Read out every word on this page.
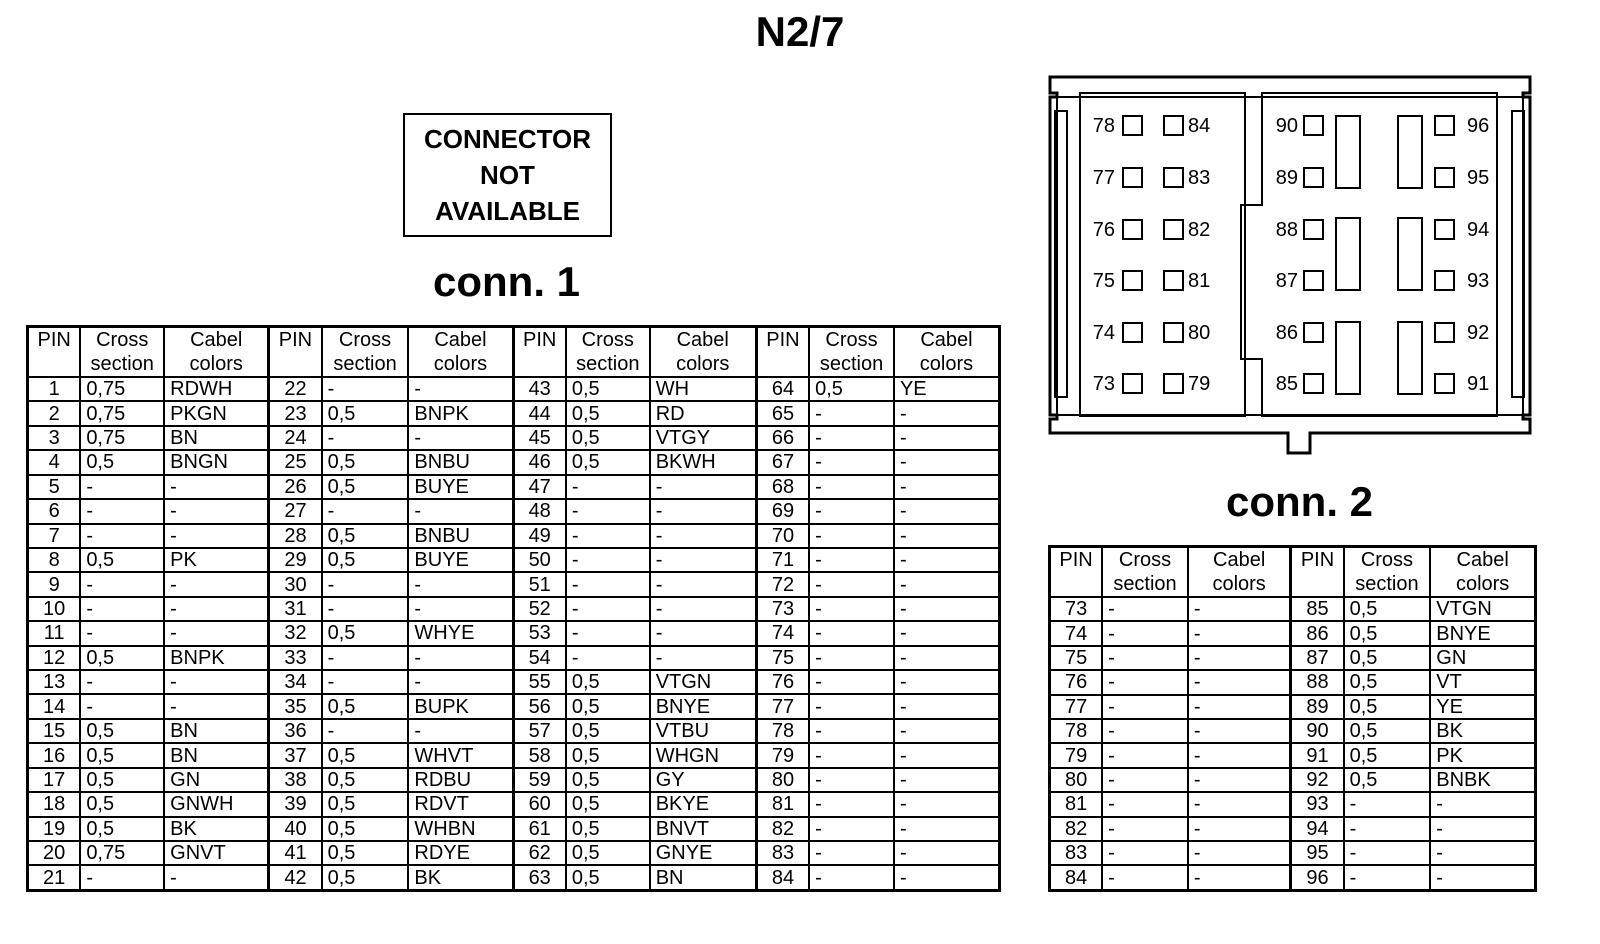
N2/7
CONNECTOR
NOT
AVAILABLE
conn. 1
conn. 2
PIN	Cross section	Cabel colors	PIN	Cross section	Cabel colors	PIN	Cross section	Cabel colors	PIN	Cross section	Cabel colors
1	0,75	RDWH	22	-	-	43	0,5	WH	64	0,5	YE
2	0,75	PKGN	23	0,5	BNPK	44	0,5	RD	65	-	-
3	0,75	BN	24	-	-	45	0,5	VTGY	66	-	-
4	0,5	BNGN	25	0,5	BNBU	46	0,5	BKWH	67	-	-
5	-	-	26	0,5	BUYE	47	-	-	68	-	-
6	-	-	27	-	-	48	-	-	69	-	-
7	-	-	28	0,5	BNBU	49	-	-	70	-	-
8	0,5	PK	29	0,5	BUYE	50	-	-	71	-	-
9	-	-	30	-	-	51	-	-	72	-	-
10	-	-	31	-	-	52	-	-	73	-	-
11	-	-	32	0,5	WHYE	53	-	-	74	-	-
12	0,5	BNPK	33	-	-	54	-	-	75	-	-
13	-	-	34	-	-	55	0,5	VTGN	76	-	-
14	-	-	35	0,5	BUPK	56	0,5	BNYE	77	-	-
15	0,5	BN	36	-	-	57	0,5	VTBU	78	-	-
16	0,5	BN	37	0,5	WHVT	58	0,5	WHGN	79	-	-
17	0,5	GN	38	0,5	RDBU	59	0,5	GY	80	-	-
18	0,5	GNWH	39	0,5	RDVT	60	0,5	BKYE	81	-	-
19	0,5	BK	40	0,5	WHBN	61	0,5	BNVT	82	-	-
20	0,75	GNVT	41	0,5	RDYE	62	0,5	GNYE	83	-	-
21	-	-	42	0,5	BK	63	0,5	BN	84	-	-
PIN	Cross section	Cabel colors	PIN	Cross section	Cabel colors
73	-	-	85	0,5	VTGN
74	-	-	86	0,5	BNYE
75	-	-	87	0,5	GN
76	-	-	88	0,5	VT
77	-	-	89	0,5	YE
78	-	-	90	0,5	BK
79	-	-	91	0,5	PK
80	-	-	92	0,5	BNBK
81	-	-	93	-	-
82	-	-	94	-	-
83	-	-	95	-	-
84	-	-	96	-	-
78	84	90	96
77	83	89	95
76	82	88	94
75	81	87	93
74	80	86	92
73	79	85	91
